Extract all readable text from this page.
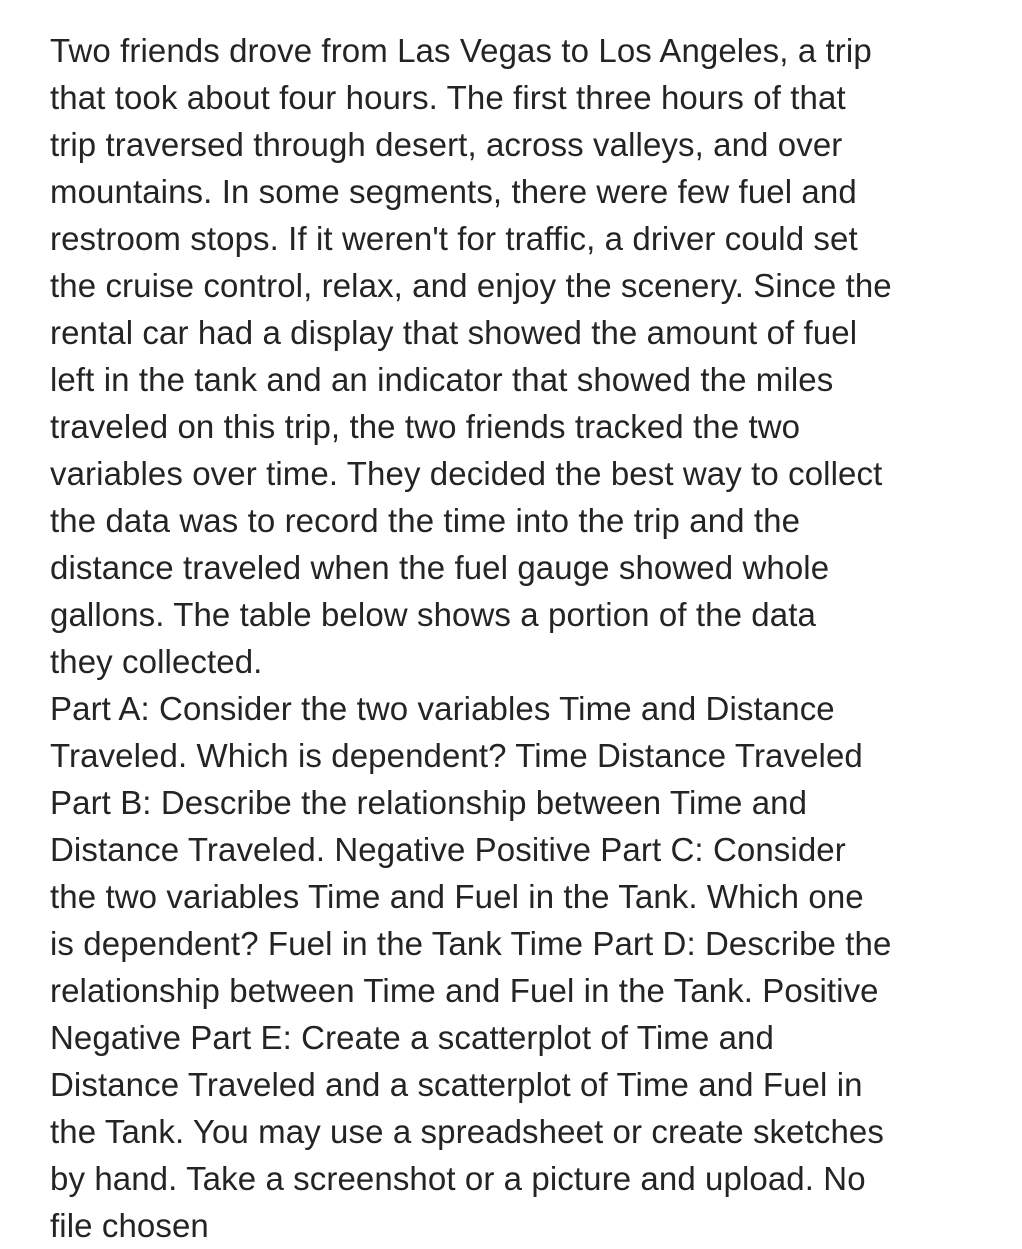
Two friends drove from Las Vegas to Los Angeles, a trip
that took about four hours. The first three hours of that
trip traversed through desert, across valleys, and over
mountains. In some segments, there were few fuel and
restroom stops. If it weren't for traffic, a driver could set
the cruise control, relax, and enjoy the scenery. Since the
rental car had a display that showed the amount of fuel
left in the tank and an indicator that showed the miles
traveled on this trip, the two friends tracked the two
variables over time. They decided the best way to collect
the data was to record the time into the trip and the
distance traveled when the fuel gauge showed whole
gallons. The table below shows a portion of the data
they collected.
Part A: Consider the two variables Time and Distance
Traveled. Which is dependent? Time Distance Traveled
Part B: Describe the relationship between Time and
Distance Traveled. Negative Positive Part C: Consider
the two variables Time and Fuel in the Tank. Which one
is dependent? Fuel in the Tank Time Part D: Describe the
relationship between Time and Fuel in the Tank. Positive
Negative Part E: Create a scatterplot of Time and
Distance Traveled and a scatterplot of Time and Fuel in
the Tank. You may use a spreadsheet or create sketches
by hand. Take a screenshot or a picture and upload. No
file chosen
